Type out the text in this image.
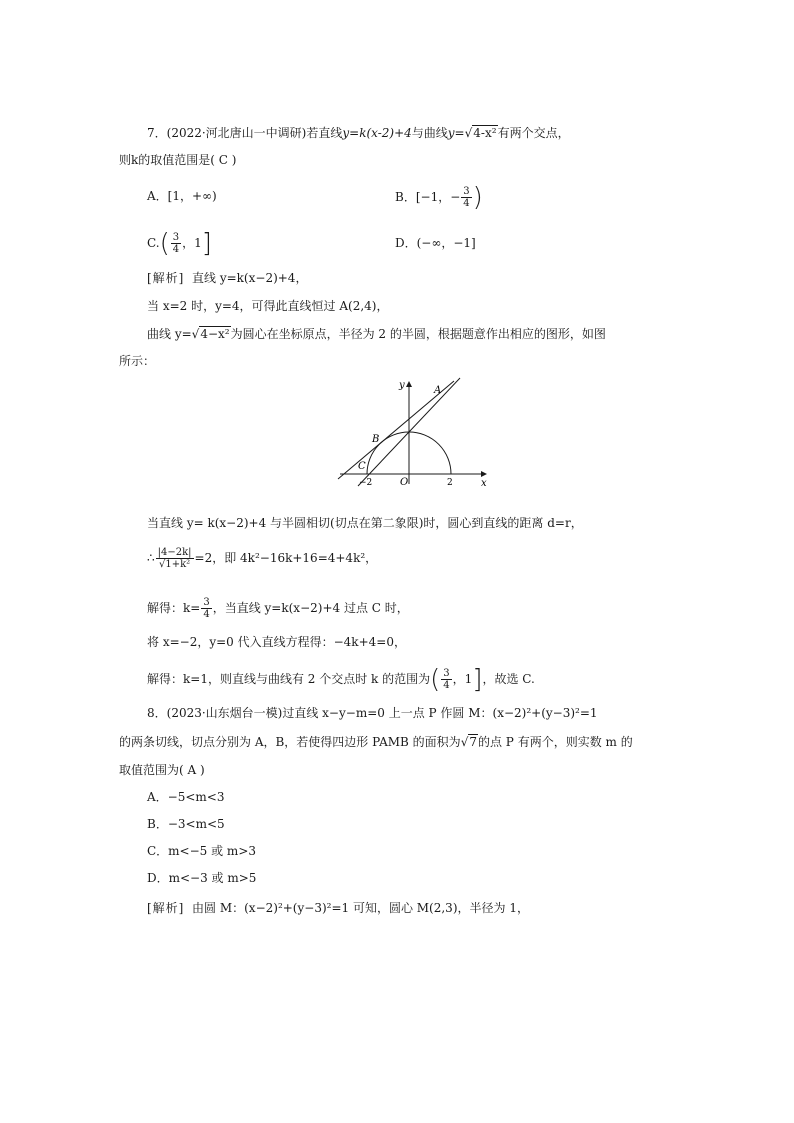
7．(2022·河北唐山一中调研)若直线y=k(x-2)+4与曲线y=√4-x²有两个交点，
则k的取值范围是( C )
A．[1，+∞)	B．[−1，− $\frac{3}{4}$ )
$C.( \frac{3}{4}$ ，1]	D．(−∞，−1]
[解析] 直线 y=k(x−2)+4，
当 x=2 时，y=4，可得此直线恒过 A(2,4)，
曲线 y=√4−x²为圆心在坐标原点，半径为 2 的半圆，根据题意作出相应的图形，如图
所示：
y
x
A
B
C
O
−2	2
当直线 y= k(x−2)+4 与半圆相切(切点在第二象限)时，圆心到直线的距离 d=r，
∴ $\frac{|4-2k|}{\text{√1+k²}} =2$，即 4k²−16k+16=4+4k²，
解得：$k= \frac{3}{4}$ ，当直线 y=k(x−2)+4 过点 C 时，
将 x=−2，y=0 代入直线方程得：−4k+4=0，
解得：k=1，则直线与曲线有 2 个交点时 k 的范围为( $\frac{3}{4}$ ，1]，故选 C.
8．(2023·山东烟台一模)过直线 x−y−m=0 上一点 P 作圆 M：(x−2)²+(y−3)²=1
的两条切线，切点分别为 A，B，若使得四边形 PAMB 的面积为√7的点 P 有两个，则实数 m 的
取值范围为( A )
A．−5<m<3
B．−3<m<5
C．m<−5 或 m>3
D．m<−3 或 m>5
[解析] 由圆 M：(x−2)²+(y−3)²=1 可知，圆心 M(2,3)，半径为 1，
